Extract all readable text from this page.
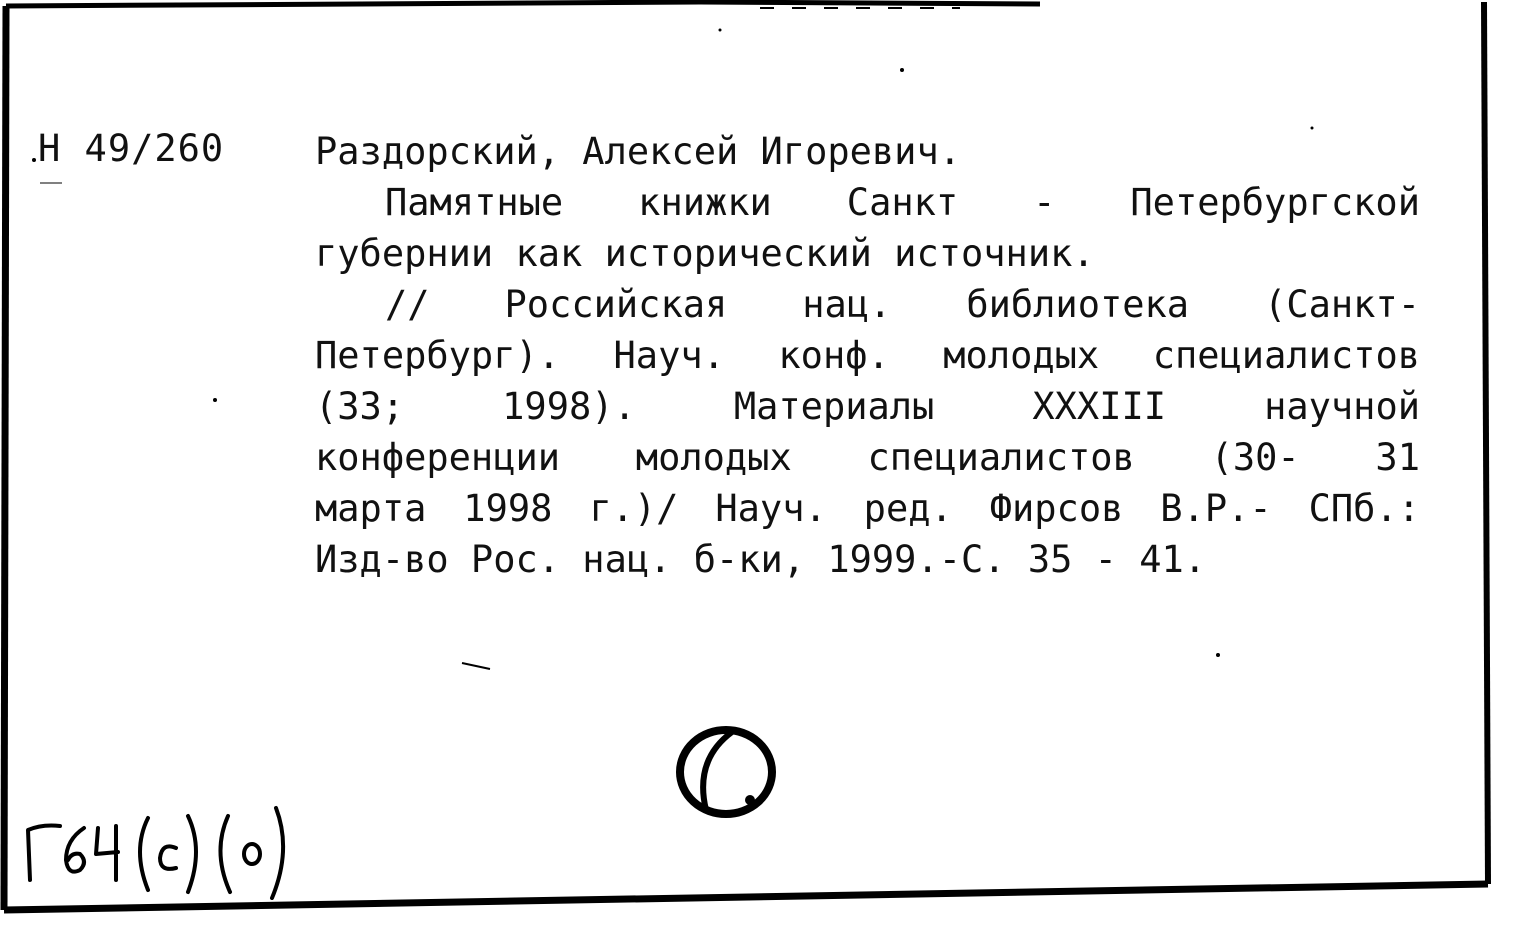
Н 49/260 Раздорский, Алексей Игоревич.
Памятные книжки Санкт - Петербургской
губернии как исторический источник.
// Российская нац. библиотека (Санкт-
Петербург). Науч. конф. молодых специалистов
(33; 1998). Материалы XXXIII научной
конференции молодых специалистов (30- 31
марта 1998 г.)/ Науч. ред. Фирсов В.Р.- СПб.:
Изд-во Рос. нац. б-ки, 1999.-С. 35 - 41.
